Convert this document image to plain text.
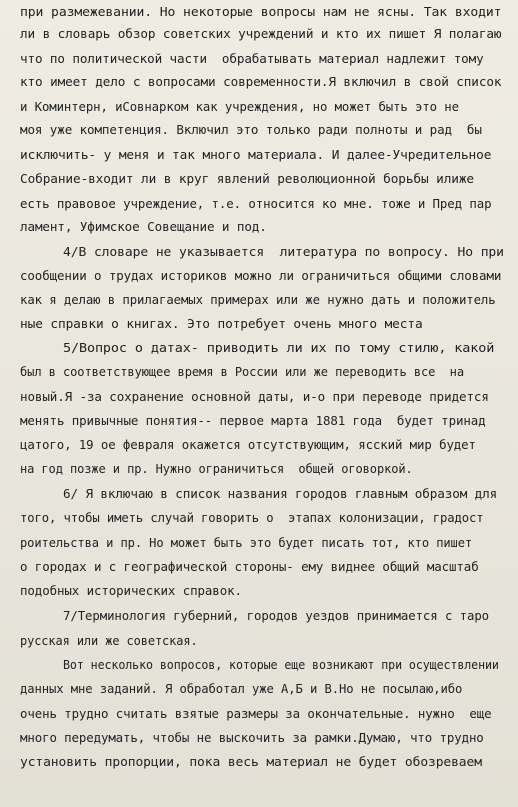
при размежевании. Но некоторые вопросы нам не ясны. Так входит
ли в словарь обзор советских учреждений и кто их пишет Я полагаю
что по политической части  обрабатывать материал надлежит тому
кто имеет дело с вопросами современности.Я включил в свой список
и Коминтерн, иСовнарком как учреждения, но может быть это не
моя уже компетенция. Включил это только ради полноты и рад  бы
исключить- у меня и так много материала. И далее-Учредительное
Собрание-входит ли в круг явлений революционной борьбы илиже
есть правовое учреждение, т.е. относится ко мне. тоже и Пред пар
ламент, Уфимское Совещание и под.
4/В словаре не указывается  литература по вопросу. Но при
сообщении о трудах историков можно ли ограничиться общими словами
как я делаю в прилагаемых примерах или же нужно дать и положитель
ные справки о книгах. Это потребует очень много места
5/Вопрос о датах- приводить ли их по тому стилю, какой
был в соответствующее время в России или же переводить все  на
новый.Я -за сохранение основной даты, и-о при переводе придется
менять привычные понятия-- первое марта 1881 года  будет тринад
цатого, 19 ое февраля окажется отсутствующим, ясский мир будет
на год позже и пр. Нужно ограничиться  общей оговоркой.
6/ Я включаю в список названия городов главным образом для
того, чтобы иметь случай говорить о  этапах колонизации, градост
роительства и пр. Но может быть это будет писать тот, кто пишет
о городах и с географической стороны- ему виднее общий масштаб
подобных исторических справок.
7/Терминология губерний, городов уездов принимается с таро
русская или же советская.
Вот несколько вопросов, которые еще возникают при осуществлении
данных мне заданий. Я обработал уже А,Б и В.Но не посылаю,ибо
очень трудно считать взятые размеры за окончательные. нужно  еще
много передумать, чтобы не выскочить за рамки.Думаю, что трудно
установить пропорции, пока весь материал не будет обозреваем
